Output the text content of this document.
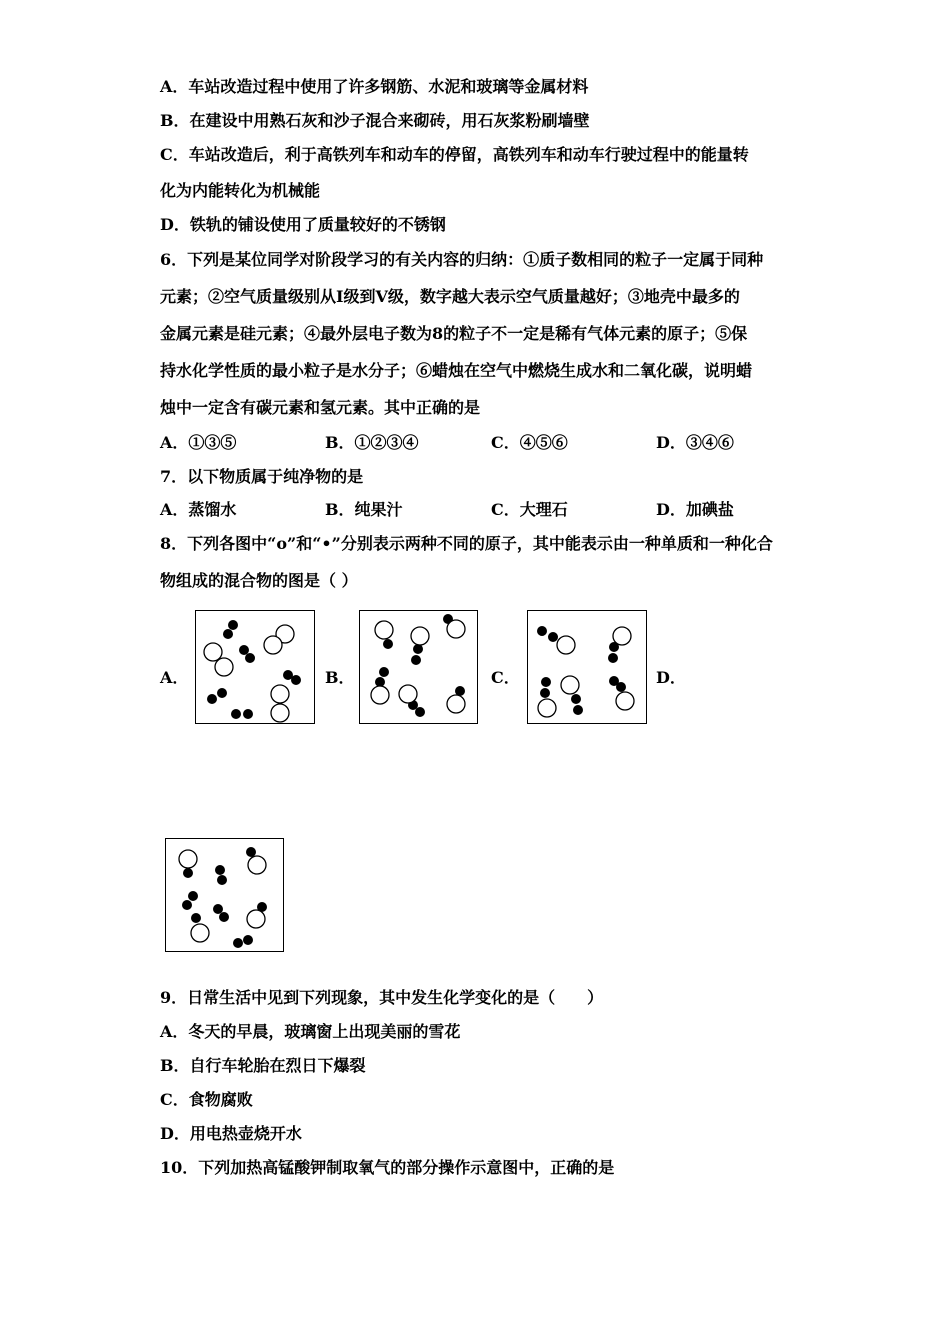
A．车站改造过程中使用了许多钢筋、水泥和玻璃等金属材料
B．在建设中用熟石灰和沙子混合来砌砖，用石灰浆粉刷墙壁
C．车站改造后，利于高铁列车和动车的停留，高铁列车和动车行驶过程中的能量转
化为内能转化为机械能
D．铁轨的铺设使用了质量较好的不锈钢
6．下列是某位同学对阶段学习的有关内容的归纳：①质子数相同的粒子一定属于同种
元素；②空气质量级别从Ⅰ级到Ⅴ级，数字越大表示空气质量越好；③地壳中最多的
金属元素是硅元素；④最外层电子数为8的粒子不一定是稀有气体元素的原子；⑤保
持水化学性质的最小粒子是水分子；⑥蜡烛在空气中燃烧生成水和二氧化碳，说明蜡
烛中一定含有碳元素和氢元素。其中正确的是
A．①③⑤	B．①②③④	C．④⑤⑥	D．③④⑥
7．以下物质属于纯净物的是
A．蒸馏水	B．纯果汁	C．大理石	D．加碘盐
8．下列各图中“o”和“•”分别表示两种不同的原子，其中能表示由一种单质和一种化合
物组成的混合物的图是（ ）
A．	B．	C．	D．
9．日常生活中见到下列现象，其中发生化学变化的是（　　）
A．冬天的早晨，玻璃窗上出现美丽的雪花
B．自行车轮胎在烈日下爆裂
C．食物腐败
D．用电热壶烧开水
10．下列加热高锰酸钾制取氧气的部分操作示意图中，正确的是
